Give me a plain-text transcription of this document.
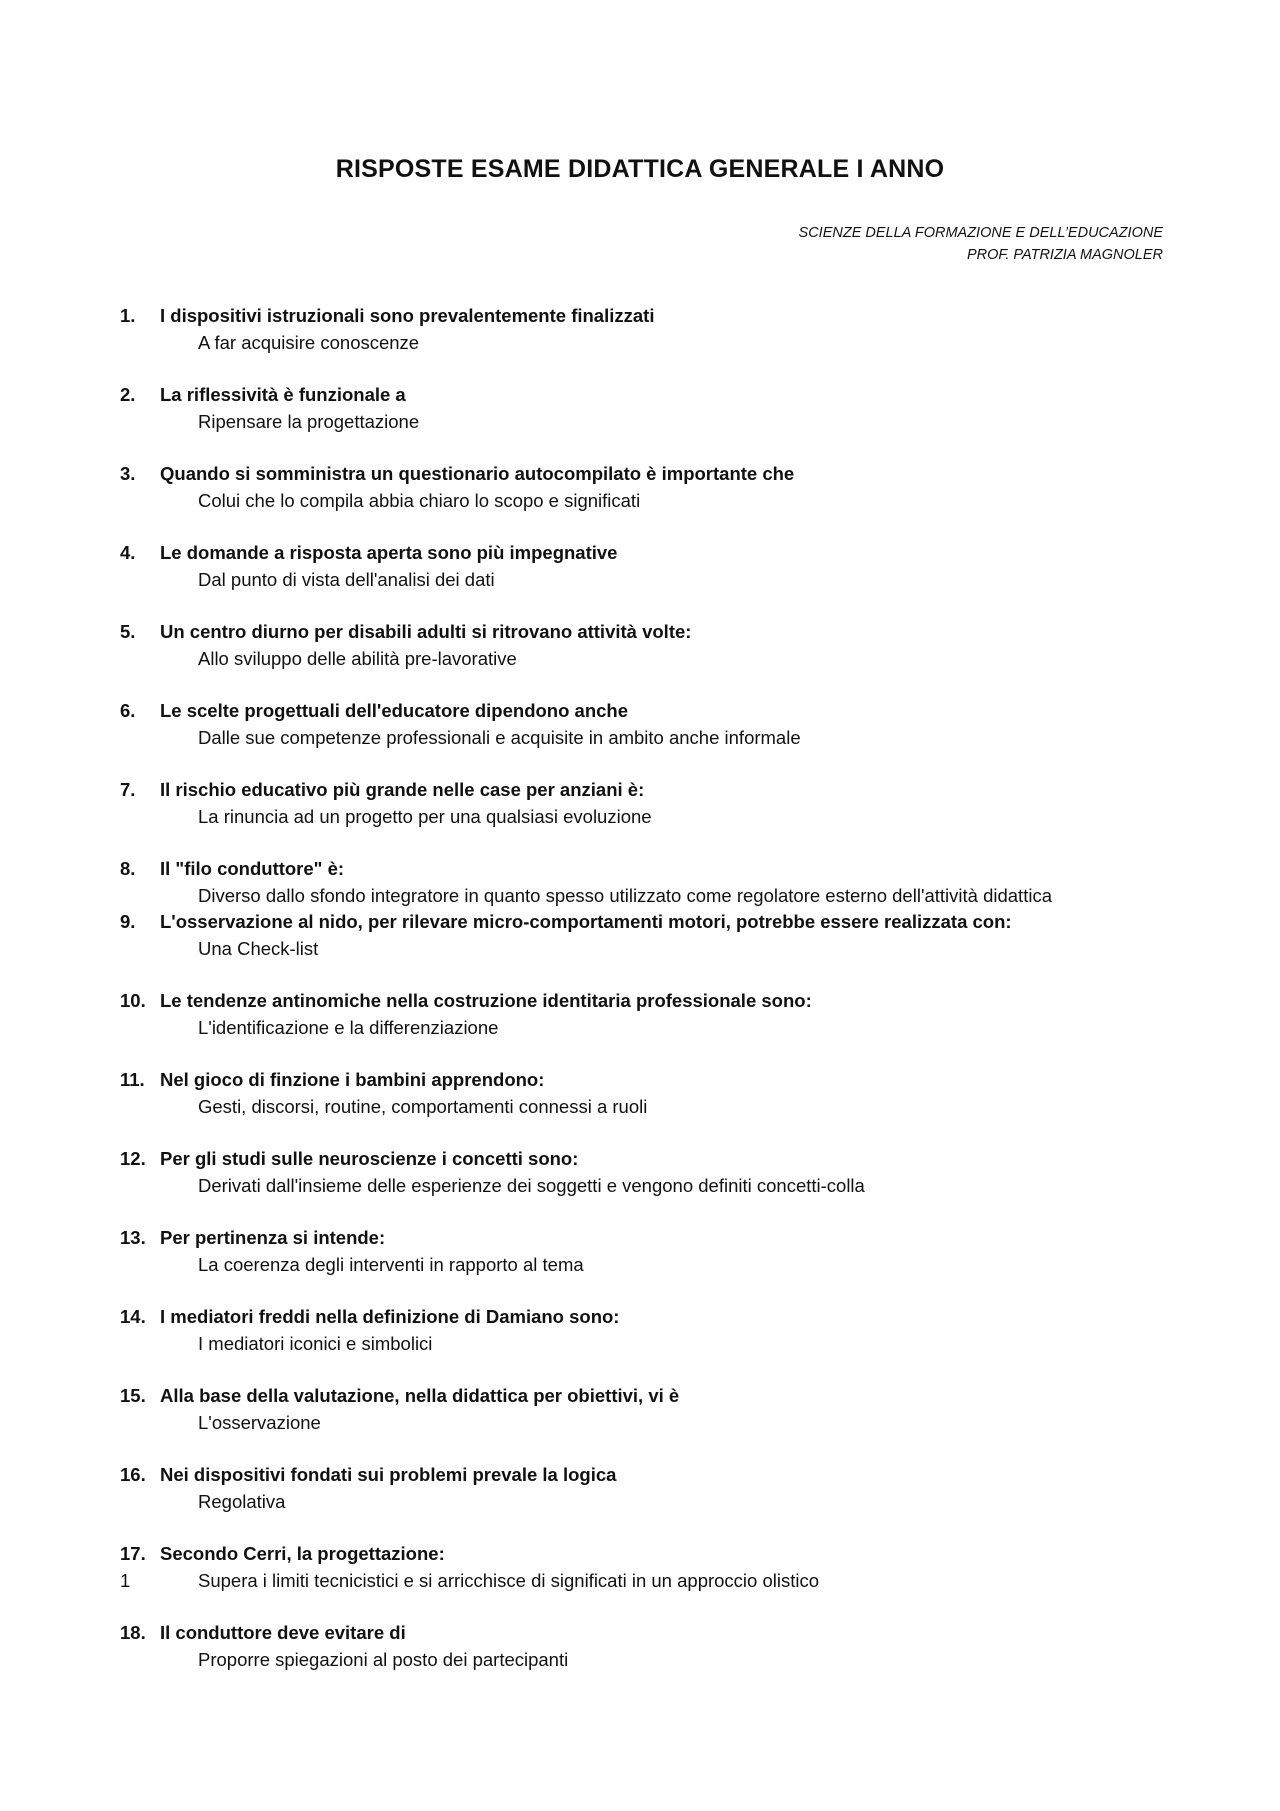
RISPOSTE ESAME DIDATTICA GENERALE I ANNO
SCIENZE DELLA FORMAZIONE E DELL’EDUCAZIONE
PROF. PATRIZIA MAGNOLER
1. I dispositivi istruzionali sono prevalentemente finalizzati
A far acquisire conoscenze
2. La riflessività è funzionale a
Ripensare la progettazione
3. Quando si somministra un questionario autocompilato è importante che
Colui che lo compila abbia chiaro lo scopo e significati
4. Le domande a risposta aperta sono più impegnative
Dal punto di vista dell'analisi dei dati
5. Un centro diurno per disabili adulti si ritrovano attività volte:
Allo sviluppo delle abilità pre-lavorative
6. Le scelte progettuali dell'educatore dipendono anche
Dalle sue competenze professionali e acquisite in ambito anche informale
7. Il rischio educativo più grande nelle case per anziani è:
La rinuncia ad un progetto per una qualsiasi evoluzione
8. Il "filo conduttore" è:
Diverso dallo sfondo integratore in quanto spesso utilizzato come regolatore esterno dell'attività didattica
9. L'osservazione al nido, per rilevare micro-comportamenti motori, potrebbe essere realizzata con:
Una Check-list
10. Le tendenze antinomiche nella costruzione identitaria professionale sono:
L'identificazione e la differenziazione
11. Nel gioco di finzione i bambini apprendono:
Gesti, discorsi, routine, comportamenti connessi a ruoli
12. Per gli studi sulle neuroscienze i concetti sono:
Derivati dall'insieme delle esperienze dei soggetti e vengono definiti concetti-colla
13. Per pertinenza si intende:
La coerenza degli interventi in rapporto al tema
14. I mediatori freddi nella definizione di Damiano sono:
I mediatori iconici e simbolici
15. Alla base della valutazione, nella didattica per obiettivi, vi è
L'osservazione
16. Nei dispositivi fondati sui problemi prevale la logica
Regolativa
17. Secondo Cerri, la progettazione:
1	Supera i limiti tecnicistici e si arricchisce di significati in un approccio olistico
18. Il conduttore deve evitare di
Proporre spiegazioni al posto dei partecipanti
